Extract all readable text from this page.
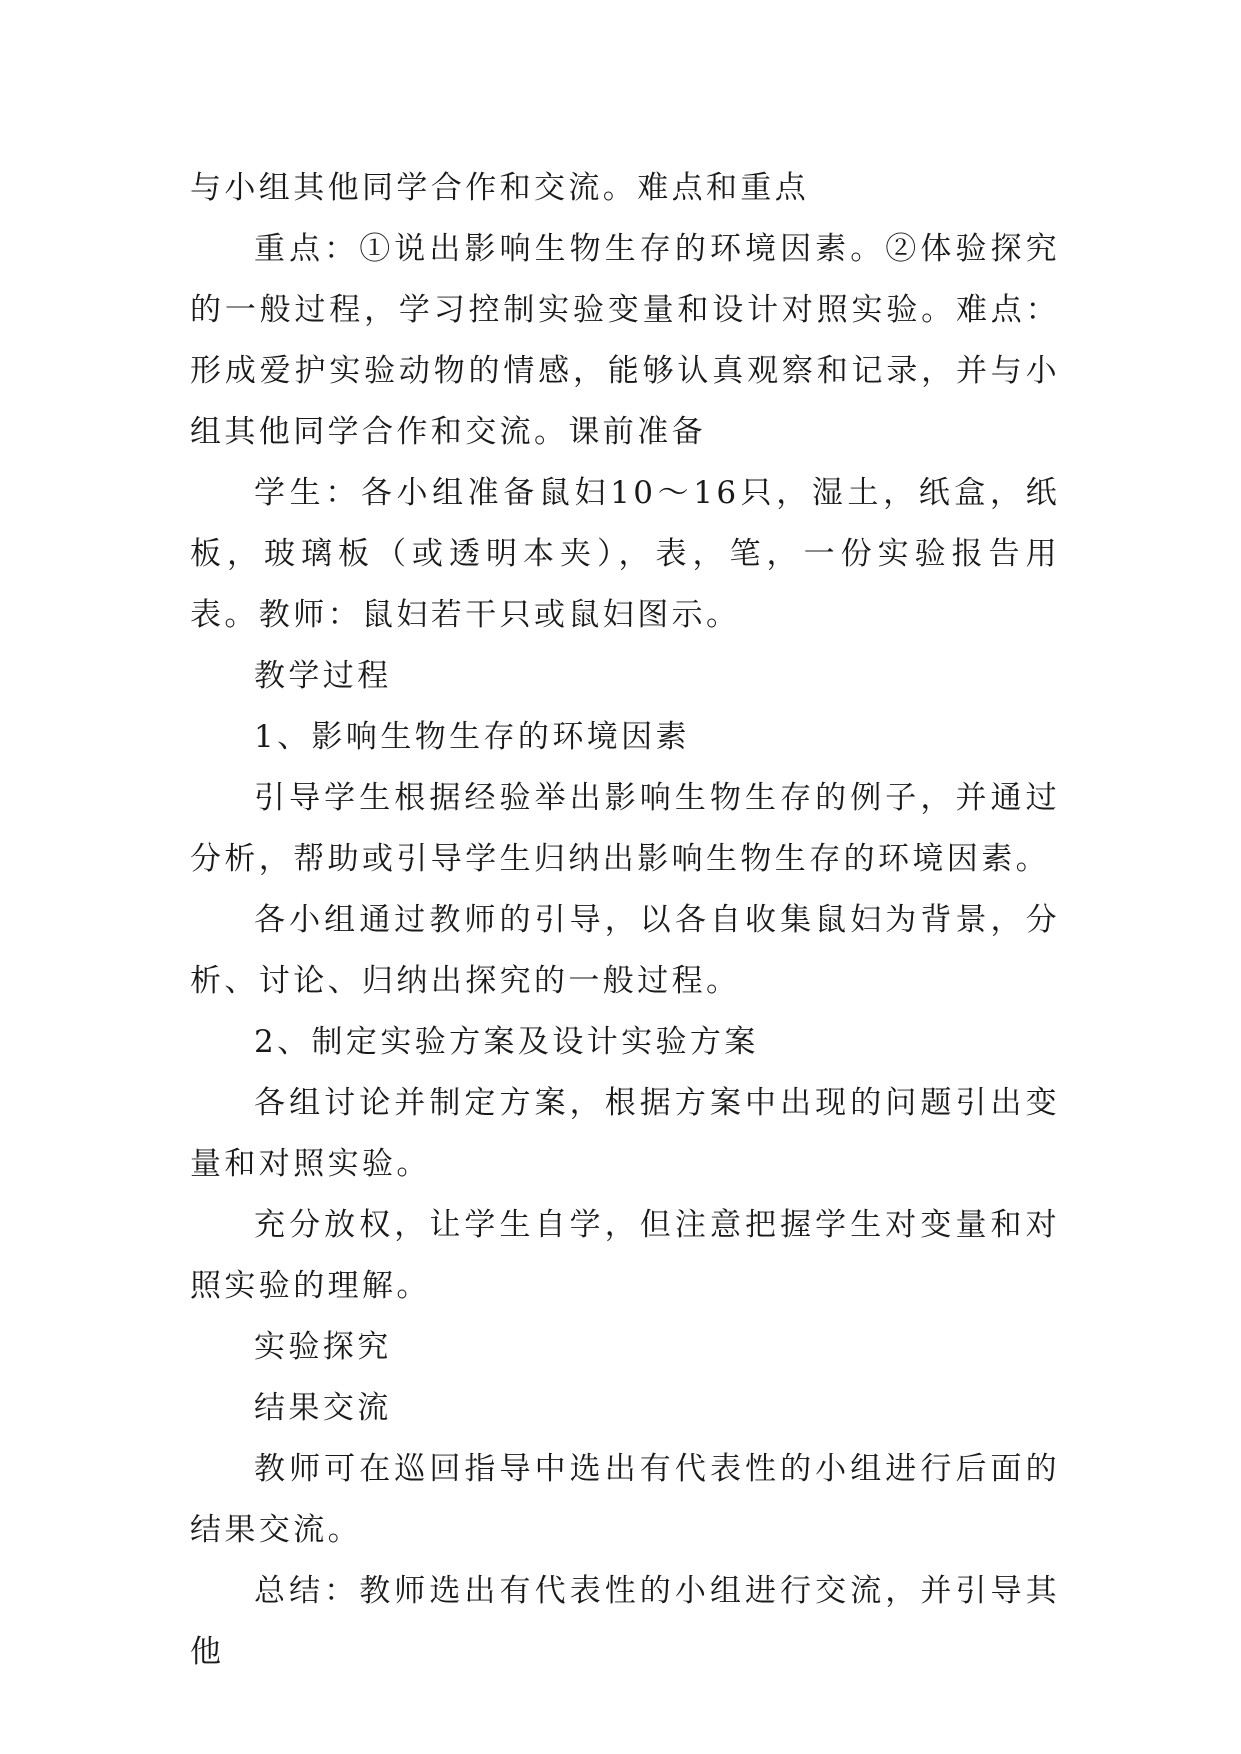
与小组其他同学合作和交流。难点和重点

重点：①说出影响生物生存的环境因素。②体验探究的一般过程，学习控制实验变量和设计对照实验。难点：形成爱护实验动物的情感，能够认真观察和记录，并与小组其他同学合作和交流。课前准备

学生：各小组准备鼠妇10～16只，湿土，纸盒，纸板，玻璃板（或透明本夹），表，笔，一份实验报告用表。教师：鼠妇若干只或鼠妇图示。

教学过程

1、影响生物生存的环境因素

引导学生根据经验举出影响生物生存的例子，并通过分析，帮助或引导学生归纳出影响生物生存的环境因素。

各小组通过教师的引导，以各自收集鼠妇为背景，分析、讨论、归纳出探究的一般过程。

2、制定实验方案及设计实验方案

各组讨论并制定方案，根据方案中出现的问题引出变量和对照实验。

充分放权，让学生自学，但注意把握学生对变量和对照实验的理解。

实验探究

结果交流

教师可在巡回指导中选出有代表性的小组进行后面的结果交流。

总结：教师选出有代表性的小组进行交流，并引导其他
